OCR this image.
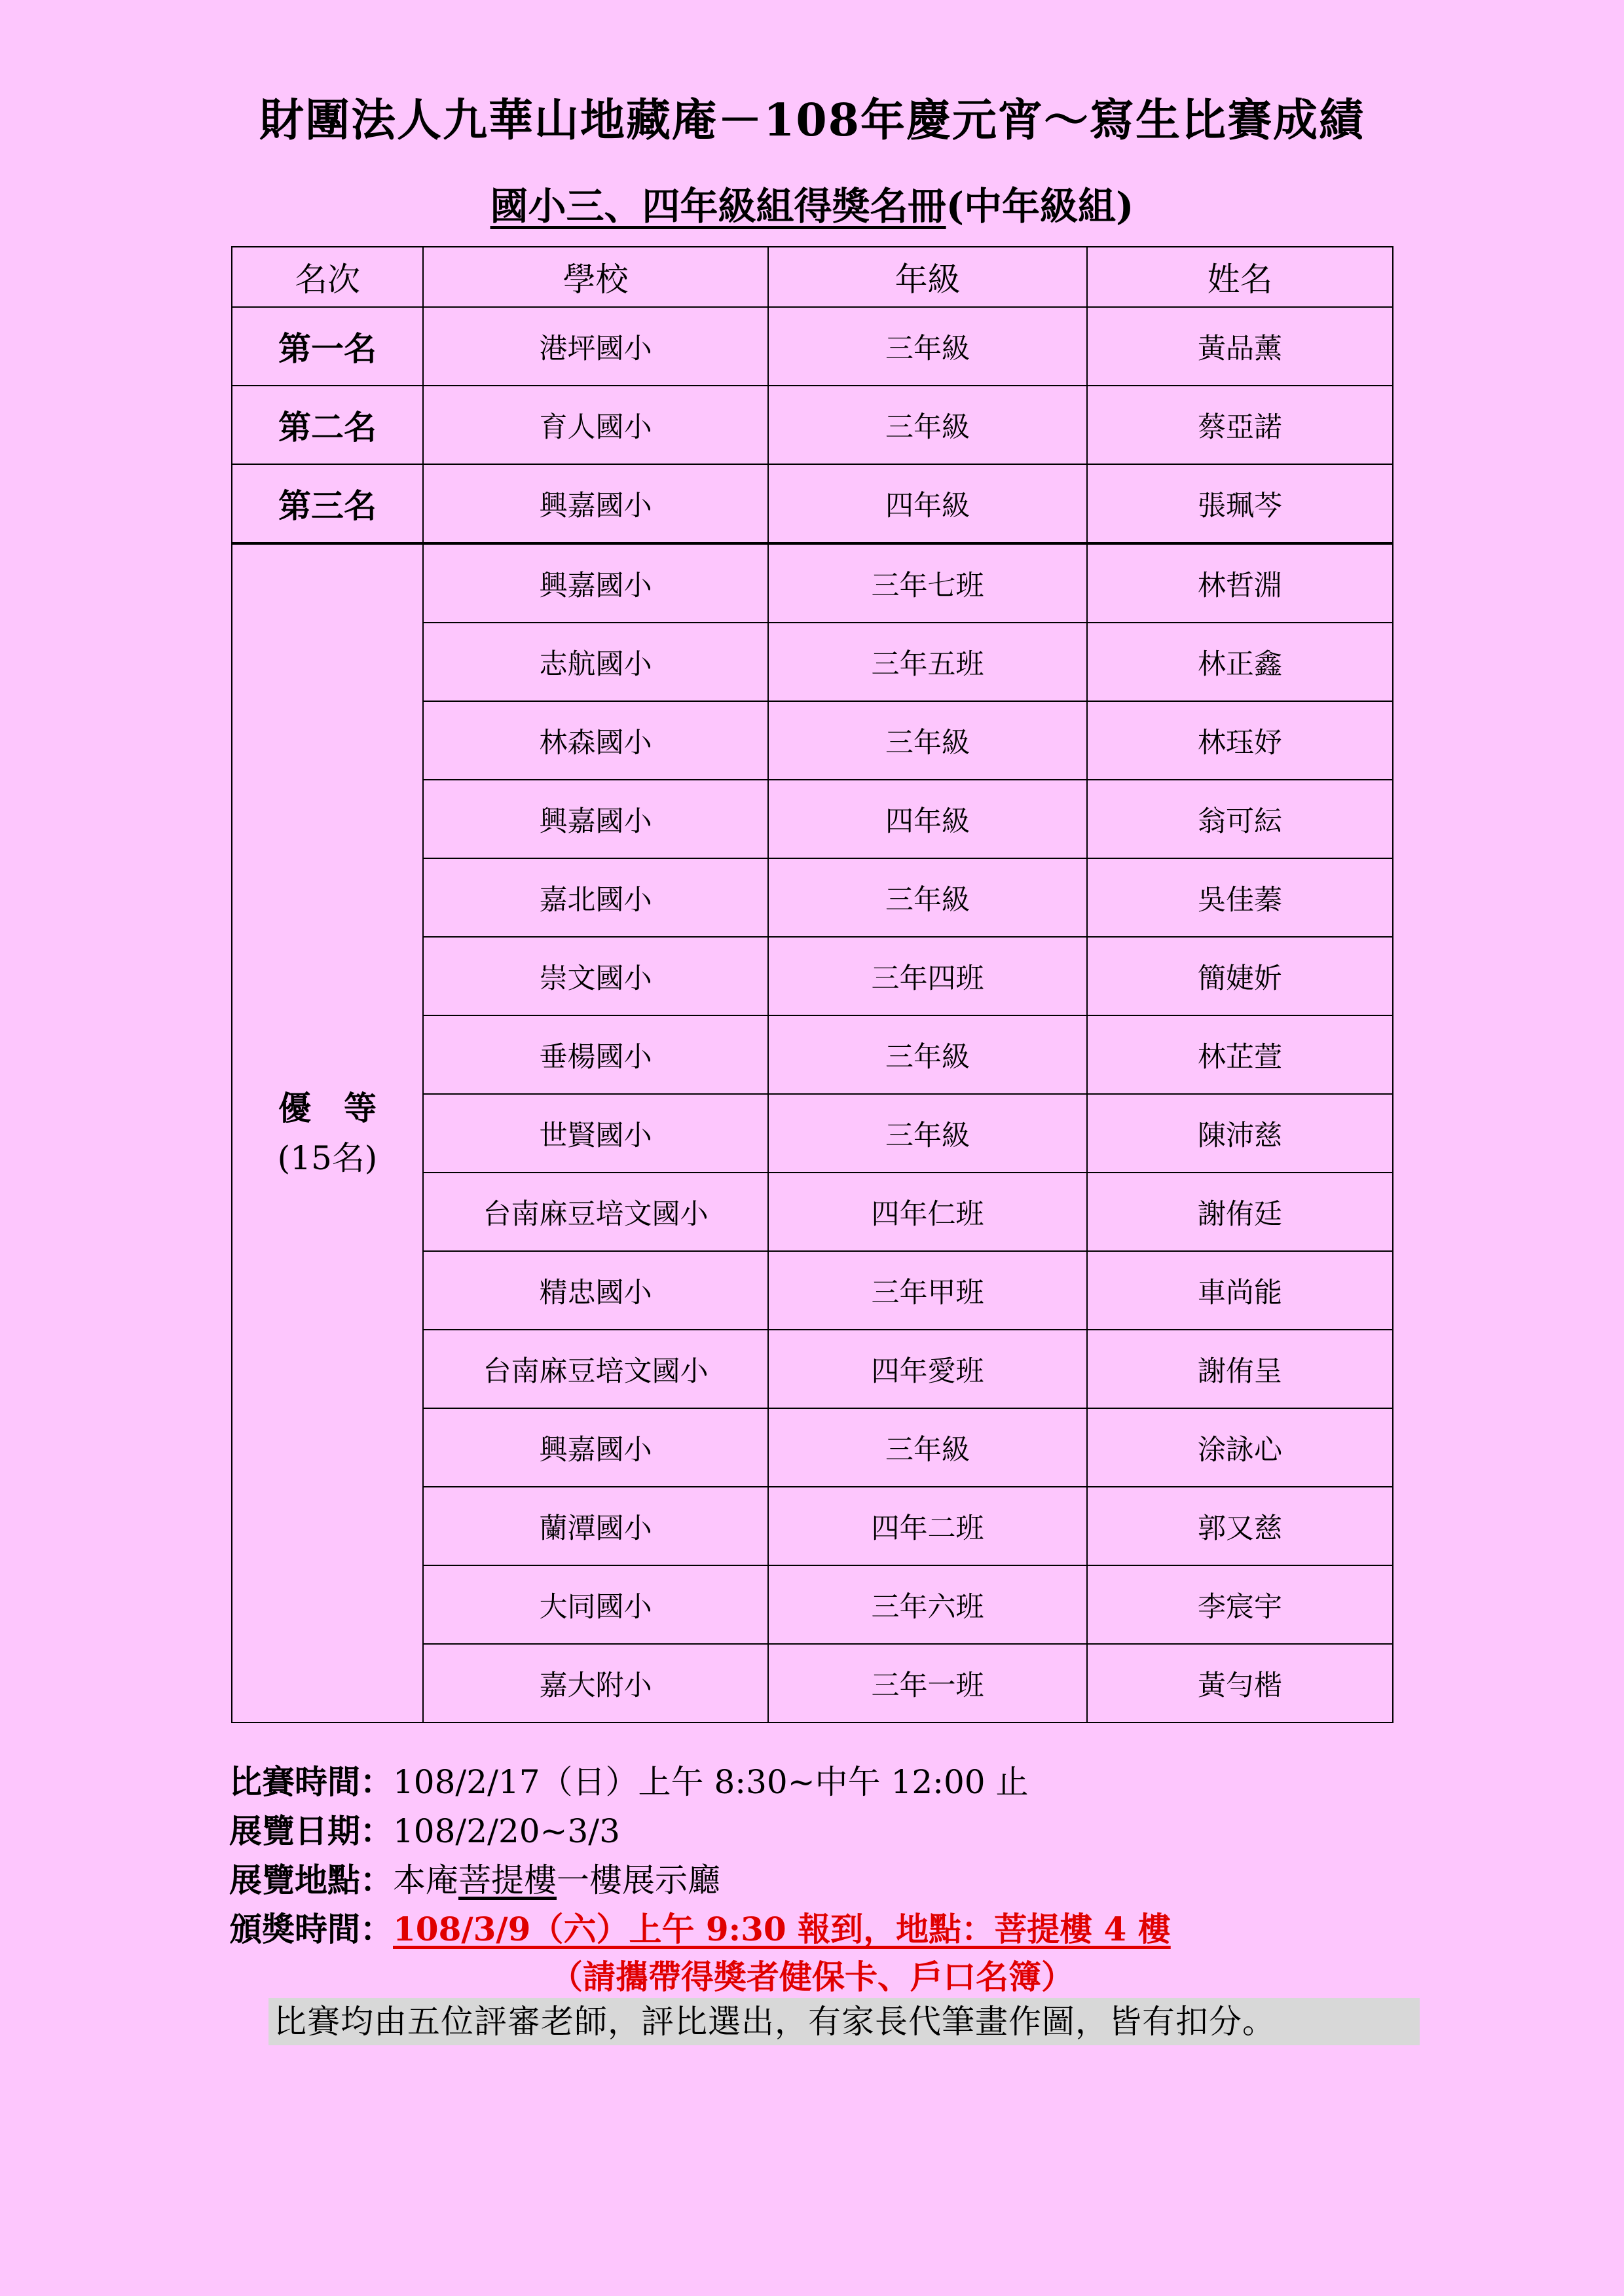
財團法人九華山地藏庵－108年慶元宵～寫生比賽成績
國小三、四年級組得獎名冊(中年級組)
名次	學校	年級	姓名
第一名	港坪國小	三年級	黃品薰
第二名	育人國小	三年級	蔡亞諾
第三名	興嘉國小	四年級	張珮芩

優　等
(15名)	興嘉國小	三年七班	林哲淵
	志航國小	三年五班	林正鑫
	林森國小	三年級	林珏妤
	興嘉國小	四年級	翁可紜
	嘉北國小	三年級	吳佳蓁
	崇文國小	三年四班	簡婕妡
	垂楊國小	三年級	林芷萱
	世賢國小	三年級	陳沛慈
	台南麻豆培文國小	四年仁班	謝侑廷
	精忠國小	三年甲班	車尚能
	台南麻豆培文國小	四年愛班	謝侑呈
	興嘉國小	三年級	涂詠心
	蘭潭國小	四年二班	郭又慈
	大同國小	三年六班	李宸宇
	嘉大附小	三年一班	黃勻楷
比賽時間：108/2/17（日）上午 8:30~中午 12:00 止
展覽日期：108/2/20~3/3
展覽地點：本庵菩提樓一樓展示廳
頒獎時間：108/3/9（六）上午 9:30 報到，地點：菩提樓 4 樓
（請攜帶得獎者健保卡、戶口名簿）
比賽均由五位評審老師，評比選出，有家長代筆畫作圖，皆有扣分。
